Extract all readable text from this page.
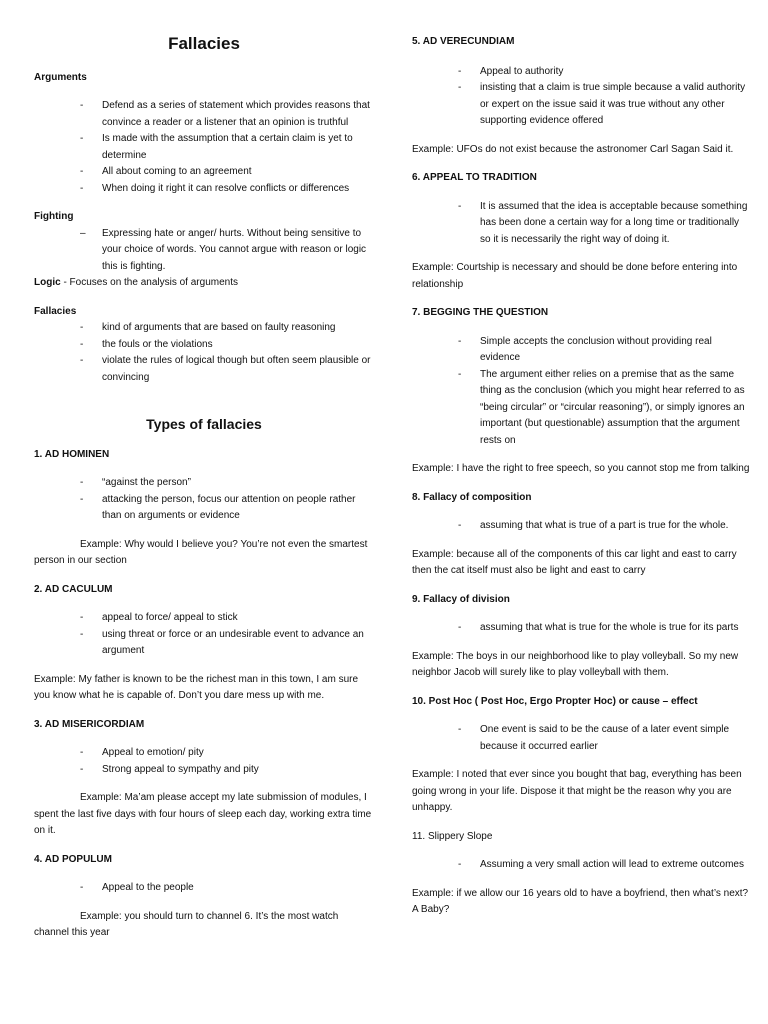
Fallacies

Arguments

- Defend as a series of statement which provides reasons that convince a reader or a listener that an opinion is truthful
- Is made with the assumption that a certain claim is yet to determine
- All about coming to an agreement
- When doing it right it can resolve conflicts or differences

Fighting

– Expressing hate or anger/ hurts. Without being sensitive to your choice of words. You cannot argue with reason or logic this is fighting.

Logic - Focuses on the analysis of arguments

Fallacies

- kind of arguments that are based on faulty reasoning
- the fouls or the violations
- violate the rules of logical though but often seem plausible or convincing

Types of fallacies

1. AD HOMINEN

- “against the person”
- attacking the person, focus our attention on people rather than on arguments or evidence

Example: Why would I believe you? You’re not even the smartest person in our section

2. AD CACULUM

- appeal to force/ appeal to stick
- using threat or force or an undesirable event to advance an argument

Example: My father is known to be the richest man in this town, I am sure you know what he is capable of. Don’t you dare mess up with me.

3. AD MISERICORDIAM

- Appeal to emotion/ pity
- Strong appeal to sympathy and pity

Example: Ma’am please accept my late submission of modules, I spent the last five days with four hours of sleep each day, working extra time on it.

4. AD POPULUM

- Appeal to the people

Example: you should turn to channel 6. It’s the most watch channel this year

5. AD VERECUNDIAM

- Appeal to authority
- insisting that a claim is true simple because a valid authority or expert on the issue said it was true without any other supporting evidence offered

Example: UFOs do not exist because the astronomer Carl Sagan Said it.

6. APPEAL TO TRADITION

- It is assumed that the idea is acceptable because something has been done a certain way for a long time or traditionally so it is necessarily the right way of doing it.

Example: Courtship is necessary and should be done before entering into relationship

7. BEGGING THE QUESTION

- Simple accepts the conclusion without providing real evidence
- The argument either relies on a premise that as the same thing as the conclusion (which you might hear referred to as “being circular” or “circular reasoning”), or simply ignores an important (but questionable) assumption that the argument rests on

Example: I have the right to free speech, so you cannot stop me from talking

8. Fallacy of composition

- assuming that what is true of a part is true for the whole.

Example: because all of the components of this car light and east to carry then the cat itself must also be light and east to carry

9. Fallacy of division

- assuming that what is true for the whole is true for its parts

Example: The boys in our neighborhood like to play volleyball. So my new neighbor Jacob will surely like to play volleyball with them.

10. Post Hoc ( Post Hoc, Ergo Propter Hoc) or cause – effect

- One event is said to be the cause of a later event simple because it occurred earlier

Example: I noted that ever since you bought that bag, everything has been going wrong in your life. Dispose it that might be the reason why you are unhappy.

11. Slippery Slope

- Assuming a very small action will lead to extreme outcomes

Example: if we allow our 16 years old to have a boyfriend, then what’s next? A Baby?
